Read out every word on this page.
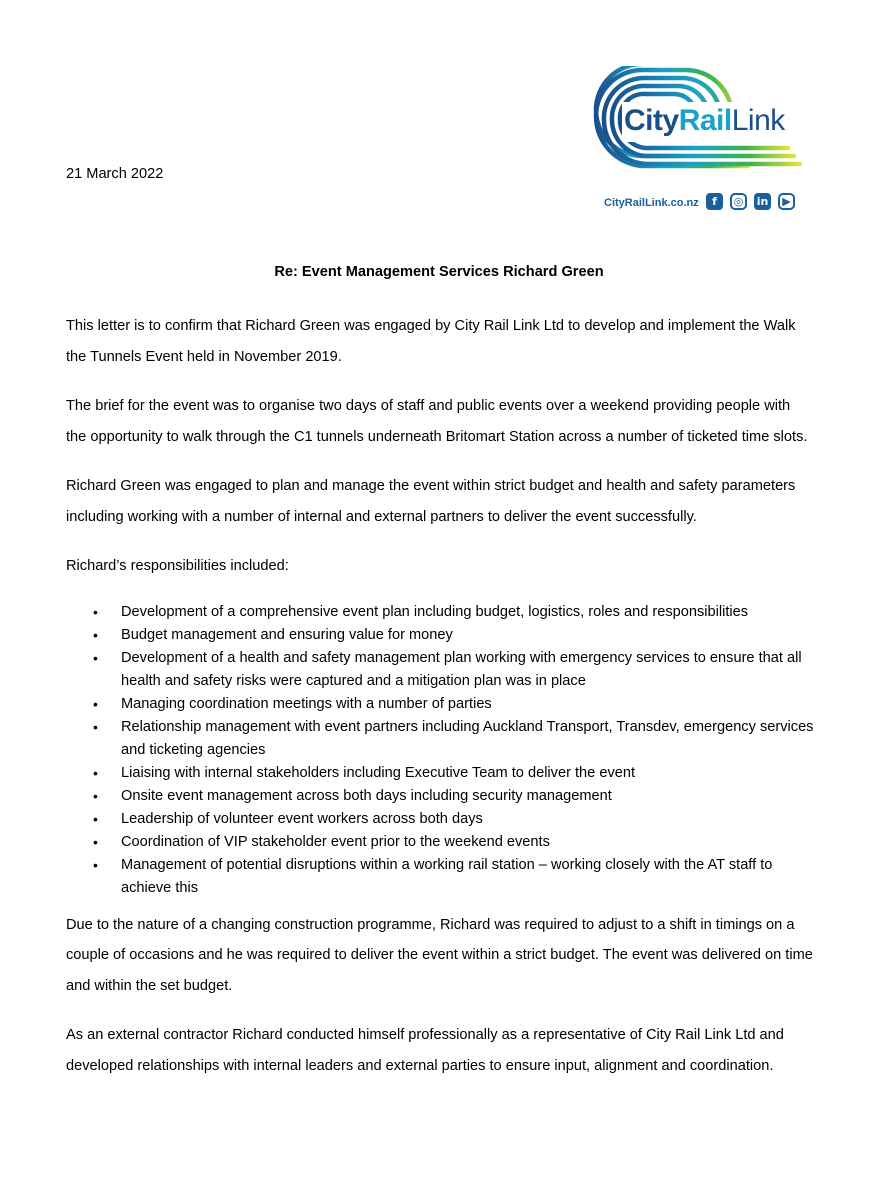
CityRailLink
CityRailLink.co.nz	f	◎	in	▶
21 March 2022
Re: Event Management Services Richard Green

This letter is to confirm that Richard Green was engaged by City Rail Link Ltd to develop and implement the Walk the Tunnels Event held in November 2019.

The brief for the event was to organise two days of staff and public events over a weekend providing people with the opportunity to walk through the C1 tunnels underneath Britomart Station across a number of ticketed time slots.

Richard Green was engaged to plan and manage the event within strict budget and health and safety parameters including working with a number of internal and external partners to deliver the event successfully.

Richard’s responsibilities included:

• Development of a comprehensive event plan including budget, logistics, roles and responsibilities
• Budget management and ensuring value for money
• Development of a health and safety management plan working with emergency services to ensure that all health and safety risks were captured and a mitigation plan was in place
• Managing coordination meetings with a number of parties
• Relationship management with event partners including Auckland Transport, Transdev, emergency services and ticketing agencies
• Liaising with internal stakeholders including Executive Team to deliver the event
• Onsite event management across both days including security management
• Leadership of volunteer event workers across both days
• Coordination of VIP stakeholder event prior to the weekend events
• Management of potential disruptions within a working rail station – working closely with the AT staff to achieve this

Due to the nature of a changing construction programme, Richard was required to adjust to a shift in timings on a couple of occasions and he was required to deliver the event within a strict budget. The event was delivered on time and within the set budget.

As an external contractor Richard conducted himself professionally as a representative of City Rail Link Ltd and developed relationships with internal leaders and external parties to ensure input, alignment and coordination.
